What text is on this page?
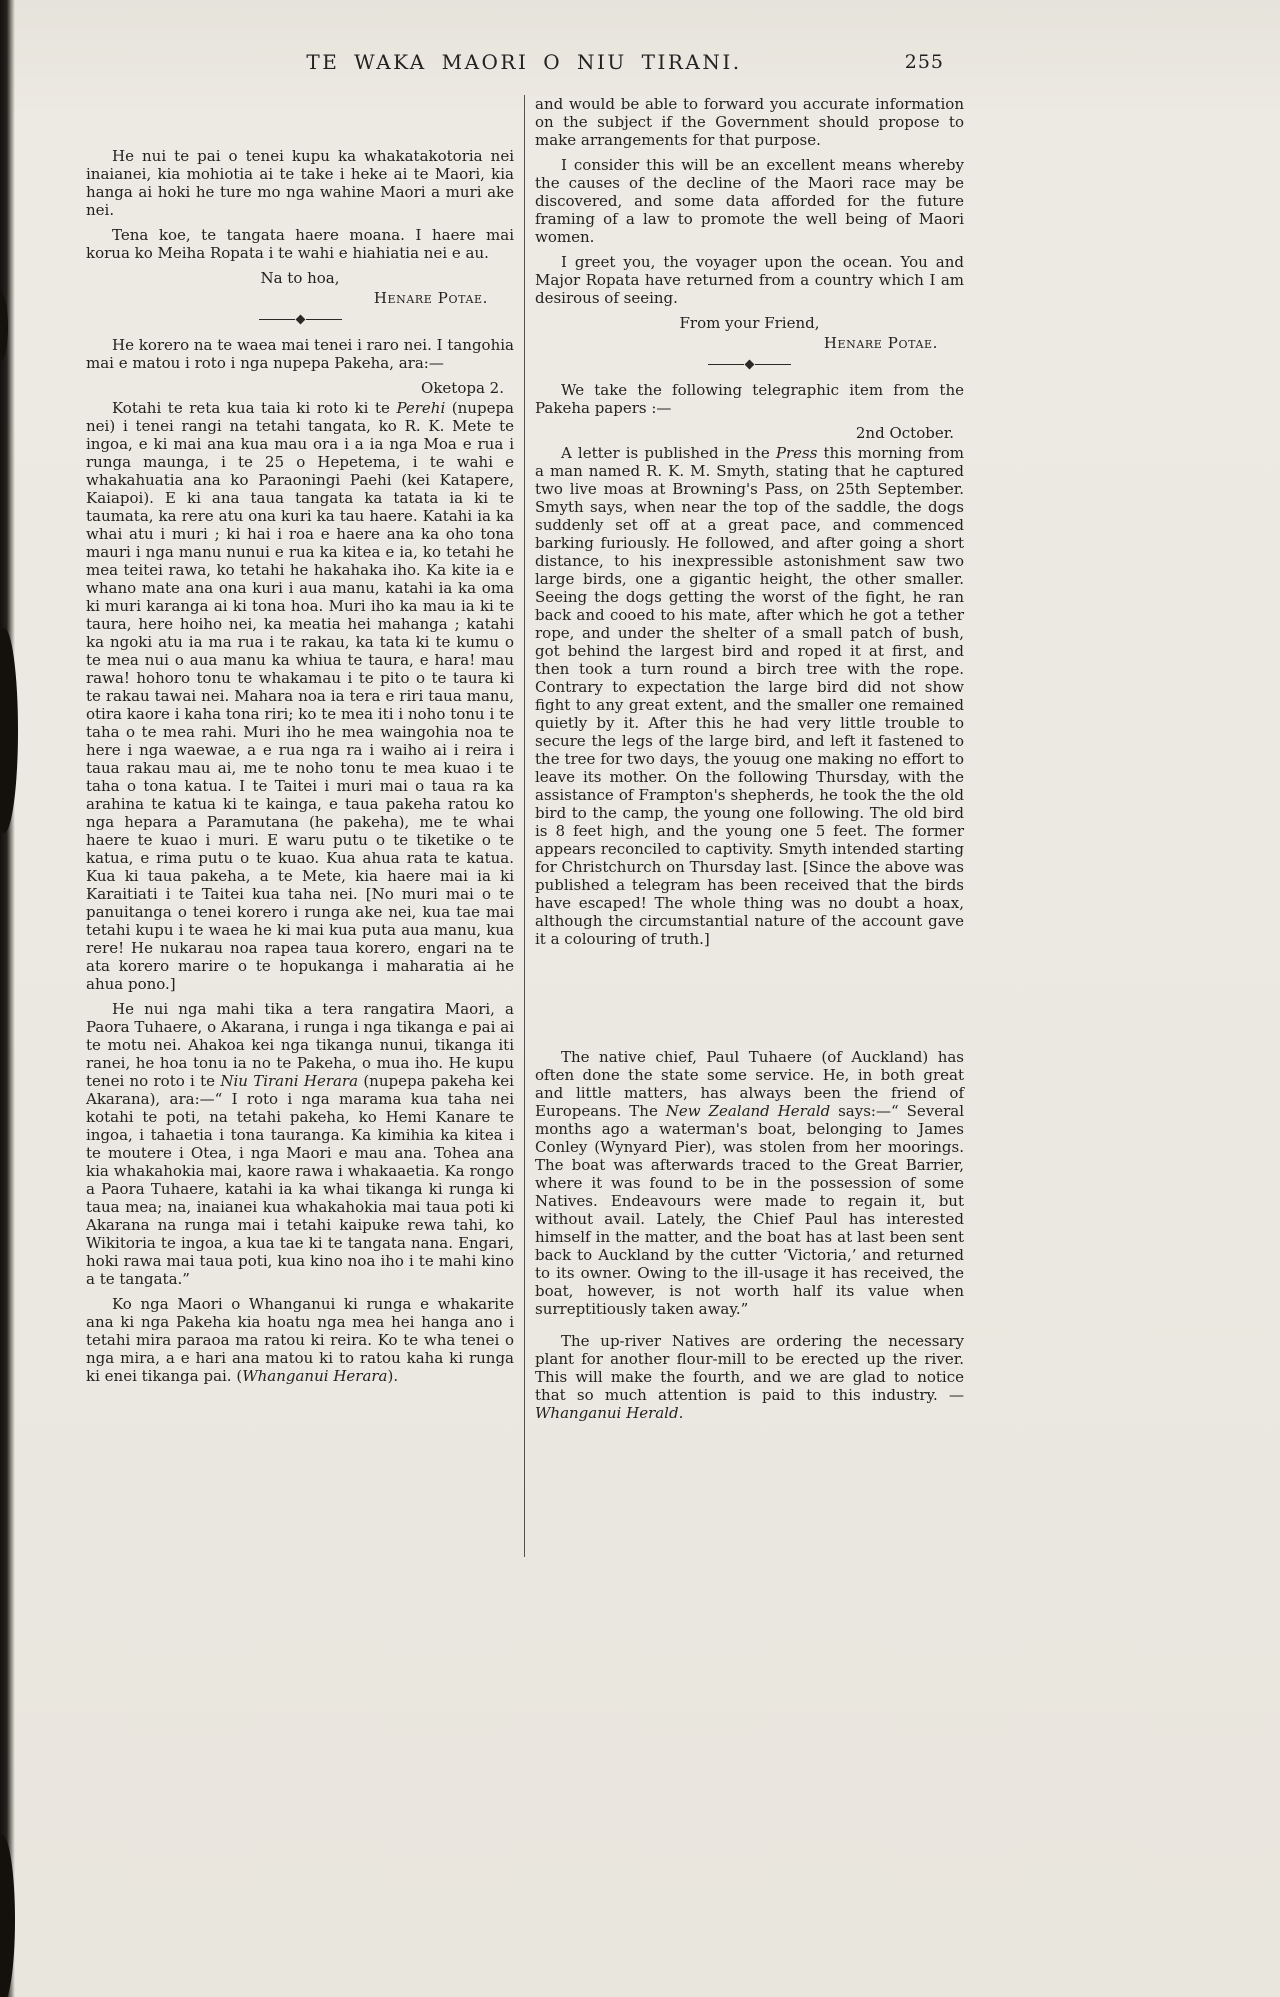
TE WAKA MAORI O NIU TIRANI.	255

He nui te pai o tenei kupu ka whakatakotoria nei inaianei, kia mohiotia ai te take i heke ai te Maori, kia hanga ai hoki he ture mo nga wahine Maori a muri ake nei.

Tena koe, te tangata haere moana. I haere mai korua ko Meiha Ropata i te wahi e hiahiatia nei e au.

Na to hoa,

Henare Potae.

He korero na te waea mai tenei i raro nei. I tangohia mai e matou i roto i nga nupepa Pakeha, ara:—

Oketopa 2.

Kotahi te reta kua taia ki roto ki te Perehi (nupepa nei) i tenei rangi na tetahi tangata, ko R. K. Mete te ingoa, e ki mai ana kua mau ora i a ia nga Moa e rua i runga maunga, i te 25 o Hepetema, i te wahi e whakahuatia ana ko Paraoningi Paehi (kei Katapere, Kaiapoi). E ki ana taua tangata ka tatata ia ki te taumata, ka rere atu ona kuri ka tau haere. Katahi ia ka whai atu i muri ; ki hai i roa e haere ana ka oho tona mauri i nga manu nunui e rua ka kitea e ia, ko tetahi he mea teitei rawa, ko tetahi he hakahaka iho. Ka kite ia e whano mate ana ona kuri i aua manu, katahi ia ka oma ki muri karanga ai ki tona hoa. Muri iho ka mau ia ki te taura, here hoiho nei, ka meatia hei mahanga ; katahi ka ngoki atu ia ma rua i te rakau, ka tata ki te kumu o te mea nui o aua manu ka whiua te taura, e hara! mau rawa! hohoro tonu te whakamau i te pito o te taura ki te rakau tawai nei. Mahara noa ia tera e riri taua manu, otira kaore i kaha tona riri; ko te mea iti i noho tonu i te taha o te mea rahi. Muri iho he mea waingohia noa te here i nga waewae, a e rua nga ra i waiho ai i reira i taua rakau mau ai, me te noho tonu te mea kuao i te taha o tona katua. I te Taitei i muri mai o taua ra ka arahina te katua ki te kainga, e taua pakeha ratou ko nga hepara a Paramutana (he pakeha), me te whai haere te kuao i muri. E waru putu o te tiketike o te katua, e rima putu o te kuao. Kua ahua rata te katua. Kua ki taua pakeha, a te Mete, kia haere mai ia ki Karaitiati i te Taitei kua taha nei. [No muri mai o te panuitanga o tenei korero i runga ake nei, kua tae mai tetahi kupu i te waea he ki mai kua puta aua manu, kua rere! He nukarau noa rapea taua korero, engari na te ata korero marire o te hopukanga i maharatia ai he ahua pono.]

He nui nga mahi tika a tera rangatira Maori, a Paora Tuhaere, o Akarana, i runga i nga tikanga e pai ai te motu nei. Ahakoa kei nga tikanga nunui, tikanga iti ranei, he hoa tonu ia no te Pakeha, o mua iho. He kupu tenei no roto i te Niu Tirani Herara (nupepa pakeha kei Akarana), ara:—“ I roto i nga marama kua taha nei kotahi te poti, na tetahi pakeha, ko Hemi Kanare te ingoa, i tahaetia i tona tauranga. Ka kimihia ka kitea i te moutere i Otea, i nga Maori e mau ana. Tohea ana kia whakahokia mai, kaore rawa i whakaaetia. Ka rongo a Paora Tuhaere, katahi ia ka whai tikanga ki runga ki taua mea; na, inaianei kua whakahokia mai taua poti ki Akarana na runga mai i tetahi kaipuke rewa tahi, ko Wikitoria te ingoa, a kua tae ki te tangata nana. Engari, hoki rawa mai taua poti, kua kino noa iho i te mahi kino a te tangata.”

Ko nga Maori o Whanganui ki runga e whakarite ana ki nga Pakeha kia hoatu nga mea hei hanga ano i tetahi mira paraoa ma ratou ki reira. Ko te wha tenei o nga mira, a e hari ana matou ki to ratou kaha ki runga ki enei tikanga pai. (Whanganui Herara).

and would be able to forward you accurate information on the subject if the Government should propose to make arrangements for that purpose.

I consider this will be an excellent means whereby the causes of the decline of the Maori race may be discovered, and some data afforded for the future framing of a law to promote the well being of Maori women.

I greet you, the voyager upon the ocean. You and Major Ropata have returned from a country which I am desirous of seeing.

From your Friend,

Henare Potae.

We take the following telegraphic item from the Pakeha papers :—

2nd October.

A letter is published in the Press this morning from a man named R. K. M. Smyth, stating that he captured two live moas at Browning's Pass, on 25th September. Smyth says, when near the top of the saddle, the dogs suddenly set off at a great pace, and commenced barking furiously. He followed, and after going a short distance, to his inexpressible astonishment saw two large birds, one a gigantic height, the other smaller. Seeing the dogs getting the worst of the fight, he ran back and cooed to his mate, after which he got a tether rope, and under the shelter of a small patch of bush, got behind the largest bird and roped it at first, and then took a turn round a birch tree with the rope. Contrary to expectation the large bird did not show fight to any great extent, and the smaller one remained quietly by it. After this he had very little trouble to secure the legs of the large bird, and left it fastened to the tree for two days, the youug one making no effort to leave its mother. On the following Thursday, with the assistance of Frampton's shepherds, he took the the old bird to the camp, the young one following. The old bird is 8 feet high, and the young one 5 feet. The former appears reconciled to captivity. Smyth intended starting for Christchurch on Thursday last. [Since the above was published a telegram has been received that the birds have escaped! The whole thing was no doubt a hoax, although the circumstantial nature of the account gave it a colouring of truth.]

The native chief, Paul Tuhaere (of Auckland) has often done the state some service. He, in both great and little matters, has always been the friend of Europeans. The New Zealand Herald says:—“ Several months ago a waterman's boat, belonging to James Conley (Wynyard Pier), was stolen from her moorings. The boat was afterwards traced to the Great Barrier, where it was found to be in the possession of some Natives. Endeavours were made to regain it, but without avail. Lately, the Chief Paul has interested himself in the matter, and the boat has at last been sent back to Auckland by the cutter ‘Victoria,’ and returned to its owner. Owing to the ill-usage it has received, the boat, however, is not worth half its value when surreptitiously taken away.”

The up-river Natives are ordering the necessary plant for another flour-mill to be erected up the river. This will make the fourth, and we are glad to notice that so much attention is paid to this industry. —Whanganui Herald.
